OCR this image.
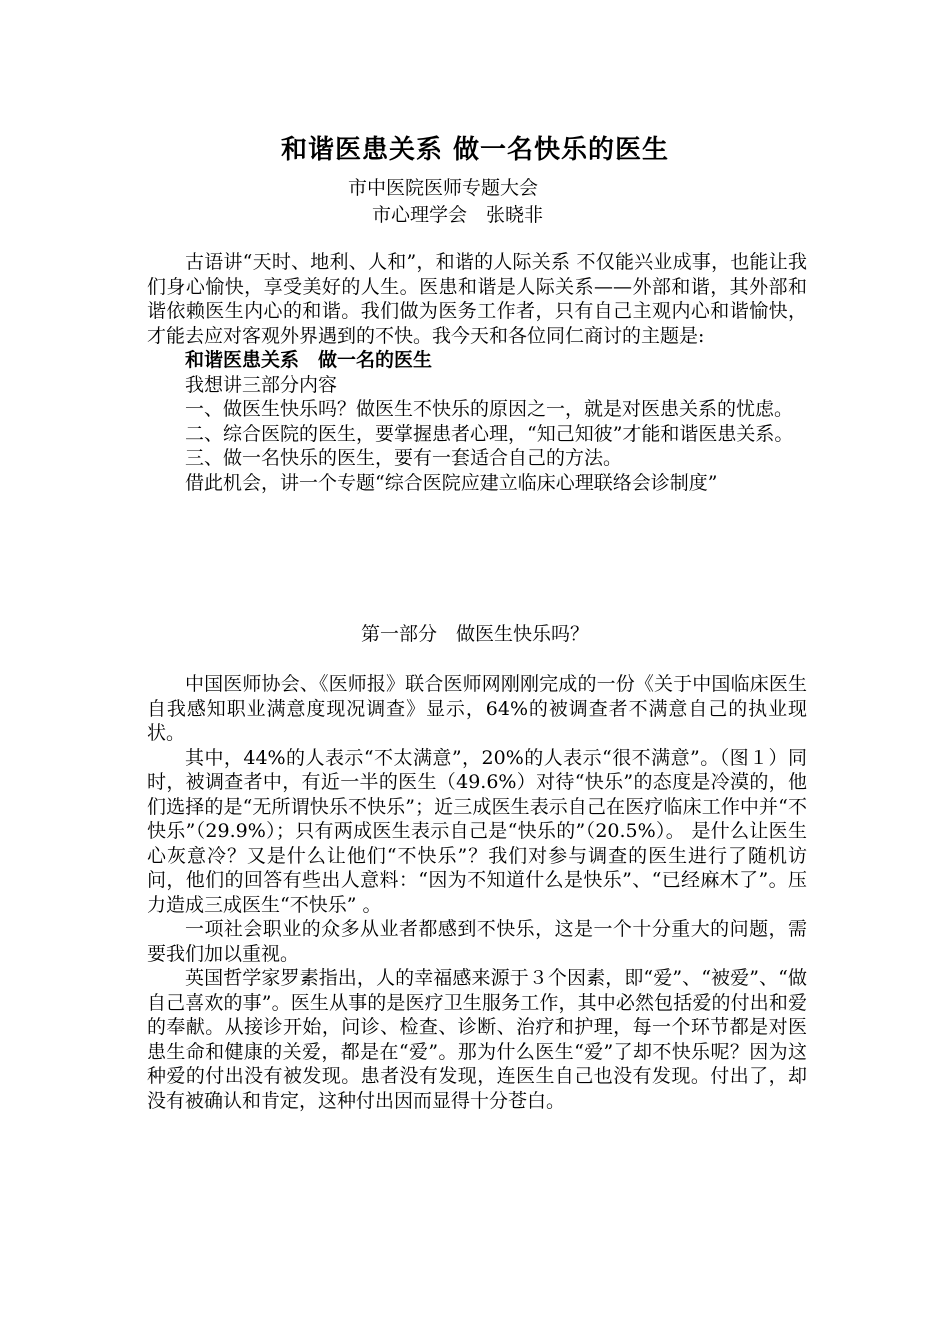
和谐医患关系 做一名快乐的医生
市中医院医师专题大会
市心理学会　张晓非

古语讲“天时、地利、人和”，和谐的人际关系 不仅能兴业成事，也能让我们身心愉快，享受美好的人生。医患和谐是人际关系——外部和谐，其外部和谐依赖医生内心的和谐。我们做为医务工作者，只有自己主观内心和谐愉快，才能去应对客观外界遇到的不快。我今天和各位同仁商讨的主题是:

和谐医患关系　做一名的医生

我想讲三部分内容

一、做医生快乐吗？做医生不快乐的原因之一，就是对医患关系的忧虑。

二、综合医院的医生，要掌握患者心理，“知己知彼”才能和谐医患关系。

三、做一名快乐的医生，要有一套适合自己的方法。

借此机会，讲一个专题“综合医院应建立临床心理联络会诊制度”

第一部分　做医生快乐吗？

中国医师协会、《医师报》联合医师网刚刚完成的一份《关于中国临床医生自我感知职业满意度现况调查》显示，64%的被调查者不满意自己的执业现状。

其中，44%的人表示“不太满意”，20%的人表示“很不满意”。（图１）同时，被调查者中，有近一半的医生（49.6%）对待“快乐”的态度是冷漠的，他们选择的是“无所谓快乐不快乐”；近三成医生表示自己在医疗临床工作中并“不快乐”（29.9%）；只有两成医生表示自己是“快乐的”（20.5%）。 是什么让医生心灰意冷？又是什么让他们“不快乐”？我们对参与调查的医生进行了随机访问，他们的回答有些出人意料：“因为不知道什么是快乐”、“已经麻木了”。压力造成三成医生“不快乐” 。

一项社会职业的众多从业者都感到不快乐，这是一个十分重大的问题，需要我们加以重视。

英国哲学家罗素指出，人的幸福感来源于３个因素，即“爱”、“被爱”、“做自己喜欢的事”。医生从事的是医疗卫生服务工作，其中必然包括爱的付出和爱的奉献。从接诊开始，问诊、检查、诊断、治疗和护理，每一个环节都是对医患生命和健康的关爱，都是在“爱”。那为什么医生“爱”了却不快乐呢？因为这种爱的付出没有被发现。患者没有发现，连医生自己也没有发现。付出了，却没有被确认和肯定，这种付出因而显得十分苍白。
